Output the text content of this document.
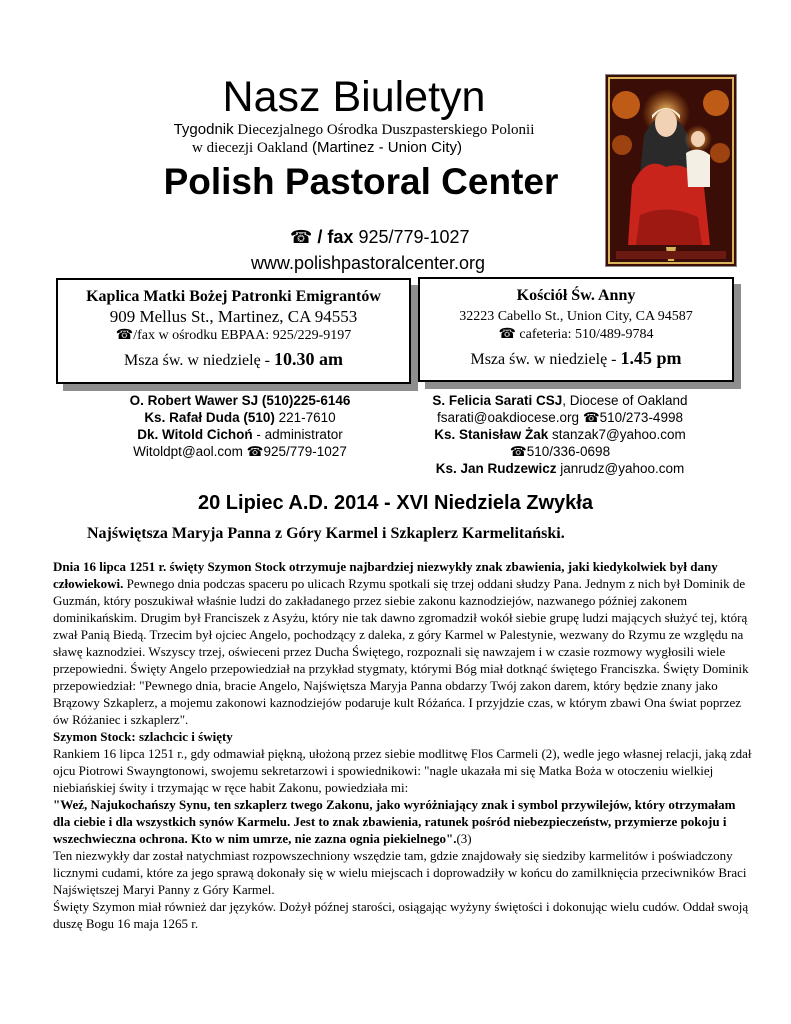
Nasz Biuletyn
Tygodnik Diecezjalnego Ośrodka Duszpasterskiego Polonii
w diecezji Oakland (Martinez - Union City)
Polish Pastoral Center
☎ / fax 925/779-1027
www.polishpastoralcenter.org
Kaplica Matki Bożej Patronki Emigrantów
909 Mellus St., Martinez, CA 94553
☎/fax w ośrodku EBPAA: 925/229-9197
Msza św. w niedzielę - 10.30 am
Kościół Św. Anny
32223 Cabello St., Union City, CA 94587
☎ cafeteria: 510/489-9784
Msza św. w niedzielę - 1.45 pm
O. Robert Wawer SJ (510)225-6146
Ks. Rafał Duda (510) 221-7610
Dk. Witold Cichoń - administrator
Witoldpt@aol.com ☎925/779-1027
S. Felicia Sarati CSJ, Diocese of Oakland
fsarati@oakdiocese.org ☎510/273-4998
Ks. Stanisław Żak stanzak7@yahoo.com
☎510/336-0698
Ks. Jan Rudzewicz janrudz@yahoo.com
20 Lipiec A.D. 2014 - XVI Niedziela Zwykła
Najświętsza Maryja Panna z Góry Karmel i Szkaplerz Karmelitański.

Dnia 16 lipca 1251 r. święty Szymon Stock otrzymuje najbardziej niezwykły znak zbawienia, jaki kiedykolwiek był dany człowiekowi. Pewnego dnia podczas spaceru po ulicach Rzymu spotkali się trzej oddani słudzy Pana. Jednym z nich był Dominik de Guzmán, który poszukiwał właśnie ludzi do zakładanego przez siebie zakonu kaznodziejów, nazwanego później zakonem dominikańskim. Drugim był Franciszek z Asyżu, który nie tak dawno zgromadził wokół siebie grupę ludzi mających służyć tej, którą zwał Panią Biedą. Trzecim był ojciec Angelo, pochodzący z daleka, z góry Karmel w Palestynie, wezwany do Rzymu ze względu na sławę kaznodziei. Wszyscy trzej, oświeceni przez Ducha Świętego, rozpoznali się nawzajem i w czasie rozmowy wygłosili wiele przepowiedni. Święty Angelo przepowiedział na przykład stygmaty, którymi Bóg miał dotknąć świętego Franciszka. Święty Dominik przepowiedział: "Pewnego dnia, bracie Angelo, Najświętsza Maryja Panna obdarzy Twój zakon darem, który będzie znany jako Brązowy Szkaplerz, a mojemu zakonowi kaznodziejów podaruje kult Różańca. I przyjdzie czas, w którym zbawi Ona świat poprzez ów Różaniec i szkaplerz".

Szymon Stock: szlachcic i święty

Rankiem 16 lipca 1251 r., gdy odmawiał piękną, ułożoną przez siebie modlitwę Flos Carmeli (2), wedle jego własnej relacji, jaką zdał ojcu Piotrowi Swayngtonowi, swojemu sekretarzowi i spowiednikowi: "nagle ukazała mi się Matka Boża w otoczeniu wielkiej niebiańskiej świty i trzymając w ręce habit Zakonu, powiedziała mi:
"Weź, Najukochańszy Synu, ten szkaplerz twego Zakonu, jako wyróżniający znak i symbol przywilejów, który otrzymałam dla ciebie i dla wszystkich synów Karmelu. Jest to znak zbawienia, ratunek pośród niebezpieczeństw, przymierze pokoju i wszechwieczna ochrona. Kto w nim umrze, nie zazna ognia piekielnego".(3)

Ten niezwykły dar został natychmiast rozpowszechniony wszędzie tam, gdzie znajdowały się siedziby karmelitów i poświadczony licznymi cudami, które za jego sprawą dokonały się w wielu miejscach i doprowadziły w końcu do zamilknięcia przeciwników Braci Najświętszej Maryi Panny z Góry Karmel.

Święty Szymon miał również dar języków. Dożył późnej starości, osiągając wyżyny świętości i dokonując wielu cudów. Oddał swoją duszę Bogu 16 maja 1265 r.
